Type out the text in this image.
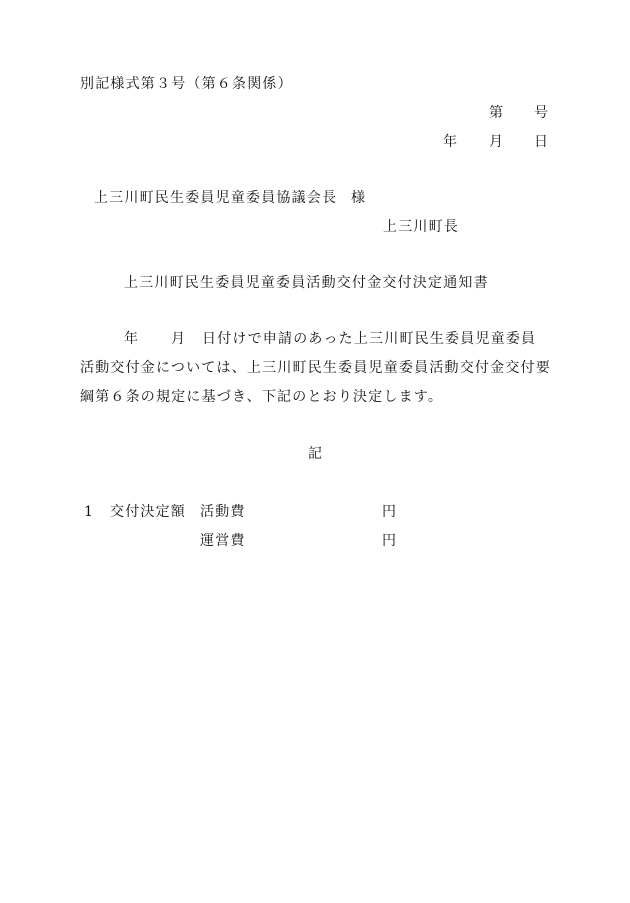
別記様式第３号（第６条関係）
第 号
年 月 日
上三川町民生委員児童委員協議会長 様
上三川町長
上三川町民生委員児童委員活動交付金交付決定通知書
年 月 日付けで申請のあった上三川町民生委員児童委員
活動交付金については、上三川町民生委員児童委員活動交付金交付要
綱第６条の規定に基づき、下記のとおり決定します。
記
1 交付決定額 活動費	円
運営費	円
